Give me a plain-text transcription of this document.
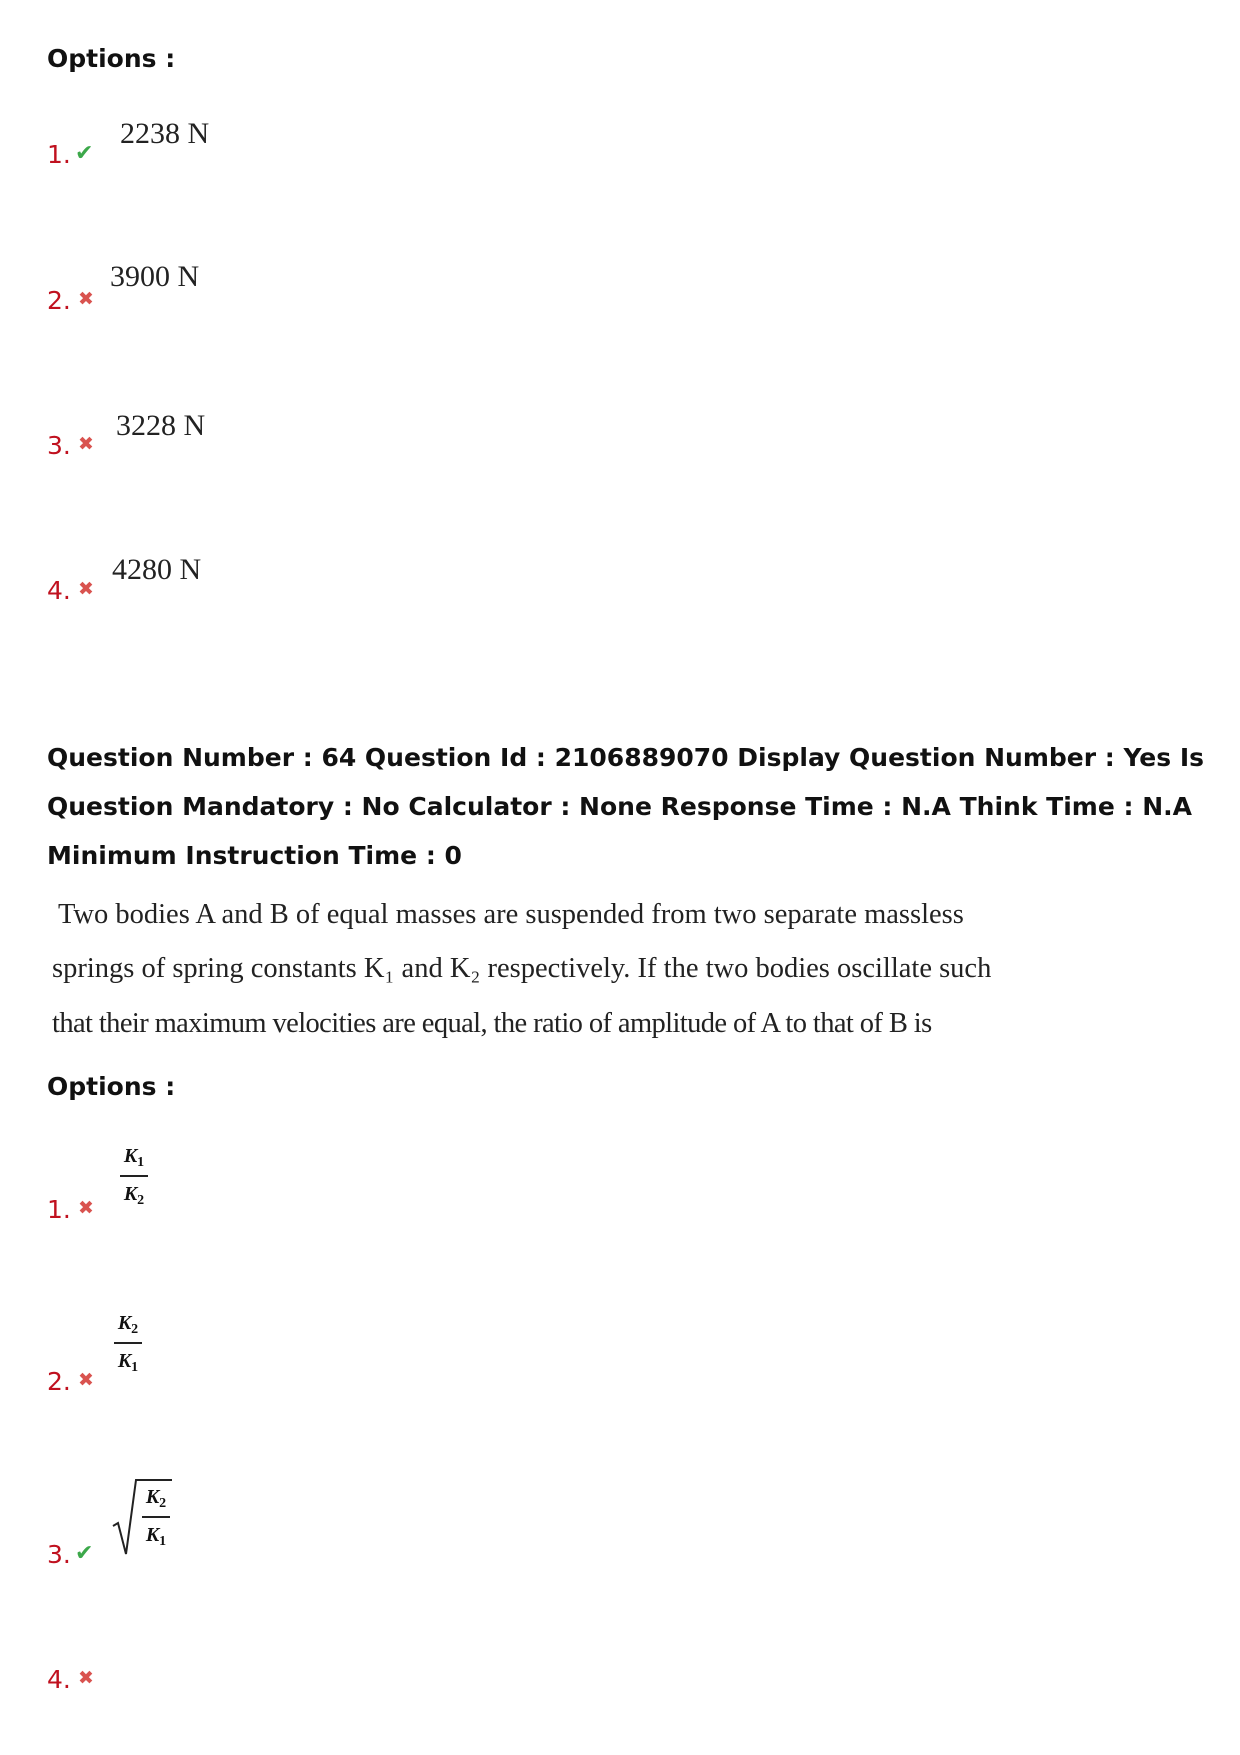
Options :
1. ✔
2238 N
2. ✖
3900 N
3. ✖
3228 N
4. ✖
4280 N
Question Number : 64 Question Id : 2106889070 Display Question Number : Yes Is Question Mandatory : No Calculator : None Response Time : N.A Think Time : N.A Minimum Instruction Time : 0
Two bodies A and B of equal masses are suspended from two separate massless
springs of spring constants K₁ and K₂ respectively. If the two bodies oscillate such
that their maximum velocities are equal, the ratio of amplitude of A to that of B is
Options :
1. ✖
$K_1$
$K_2$
2. ✖
$K_2$
$K_1$
3. ✔
$K_2$
$K_1$
4. ✖
